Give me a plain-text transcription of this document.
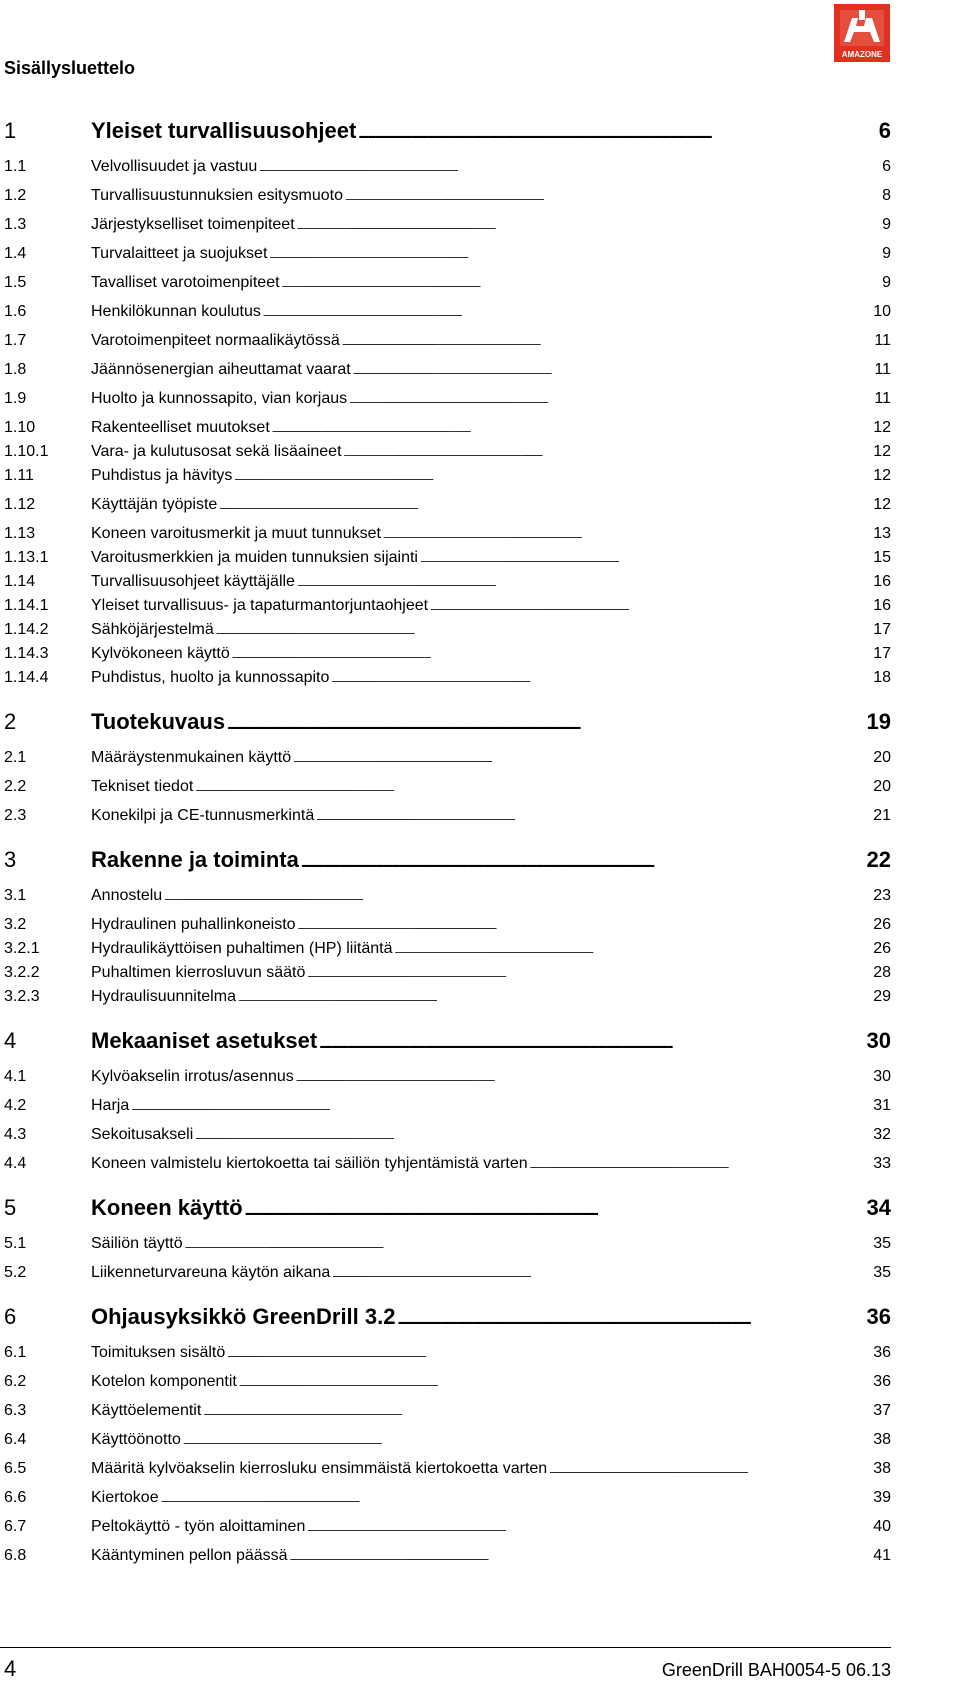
Sisällysluettelo
AMAZONE
1	Yleiset turvallisuusohjeet . . .	6
1.1	Velvollisuudet ja vastuu . . .	6
1.2	Turvallisuustunnuksien esitysmuoto . . .	8
1.3	Järjestykselliset toimenpiteet . . .	9
1.4	Turvalaitteet ja suojukset . . .	9
1.5	Tavalliset varotoimenpiteet . . .	9
1.6	Henkilökunnan koulutus . . .	10
1.7	Varotoimenpiteet normaalikäytössä . . .	11
1.8	Jäännösenergian aiheuttamat vaarat . . .	11
1.9	Huolto ja kunnossapito, vian korjaus . . .	11
1.10	Rakenteelliset muutokset . . .	12
1.10.1	Vara- ja kulutusosat sekä lisäaineet . . .	12
1.11	Puhdistus ja hävitys . . .	12
1.12	Käyttäjän työpiste . . .	12
1.13	Koneen varoitusmerkit ja muut tunnukset . . .	13
1.13.1	Varoitusmerkkien ja muiden tunnuksien sijainti . . .	15
1.14	Turvallisuusohjeet käyttäjälle . . .	16
1.14.1	Yleiset turvallisuus- ja tapaturmantorjuntaohjeet . . .	16
1.14.2	Sähköjärjestelmä . . .	17
1.14.3	Kylvökoneen käyttö . . .	17
1.14.4	Puhdistus, huolto ja kunnossapito . . .	18
2	Tuotekuvaus . . .	19
2.1	Määräystenmukainen käyttö . . .	20
2.2	Tekniset tiedot . . .	20
2.3	Konekilpi ja CE-tunnusmerkintä . . .	21
3	Rakenne ja toiminta . . .	22
3.1	Annostelu . . .	23
3.2	Hydraulinen puhallinkoneisto . . .	26
3.2.1	Hydraulikäyttöisen puhaltimen (HP) liitäntä . . .	26
3.2.2	Puhaltimen kierrosluvun säätö . . .	28
3.2.3	Hydraulisuunnitelma . . .	29
4	Mekaaniset asetukset . . .	30
4.1	Kylvöakselin irrotus/asennus . . .	30
4.2	Harja . . .	31
4.3	Sekoitusakseli . . .	32
4.4	Koneen valmistelu kiertokoetta tai säiliön tyhjentämistä varten . . .	33
5	Koneen käyttö . . .	34
5.1	Säiliön täyttö . . .	35
5.2	Liikenneturvareuna käytön aikana . . .	35
6	Ohjausyksikkö GreenDrill 3.2 . . .	36
6.1	Toimituksen sisältö . . .	36
6.2	Kotelon komponentit . . .	36
6.3	Käyttöelementit . . .	37
6.4	Käyttöönotto . . .	38
6.5	Määritä kylvöakselin kierrosluku ensimmäistä kiertokoetta varten . . .	38
6.6	Kiertokoe . . .	39
6.7	Peltokäyttö - työn aloittaminen . . .	40
6.8	Kääntyminen pellon päässä . . .	41
4	GreenDrill BAH0054-5 06.13
